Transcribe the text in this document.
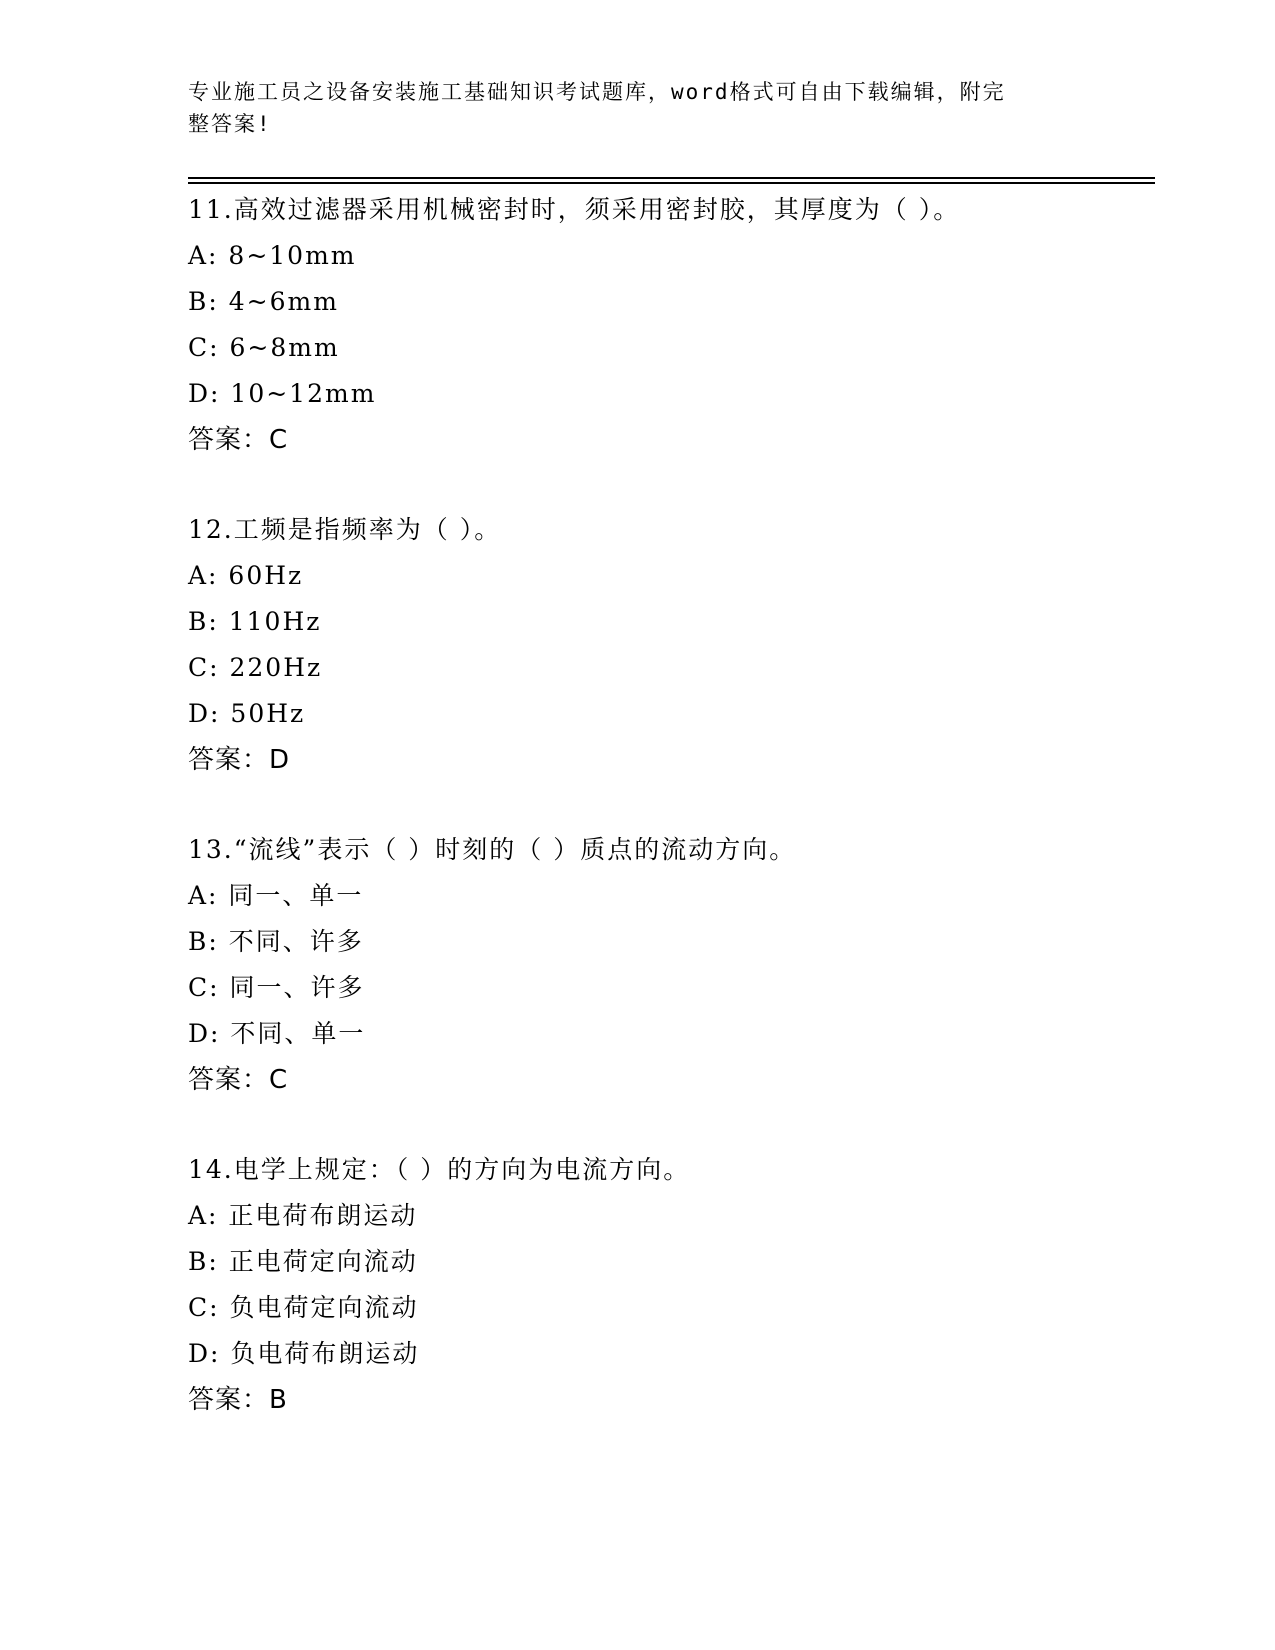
专业施工员之设备安装施工基础知识考试题库，word格式可自由下载编辑，附完
整答案!
11.高效过滤器采用机械密封时，须采用密封胶，其厚度为（ ）。
A: 8~10mm
B: 4~6mm
C: 6~8mm
D: 10~12mm
答案：C
12.工频是指频率为（ ）。
A: 60Hz
B: 110Hz
C: 220Hz
D: 50Hz
答案：D
13.“流线”表示（ ）时刻的（ ）质点的流动方向。
A: 同一、单一
B: 不同、许多
C: 同一、许多
D: 不同、单一
答案：C
14.电学上规定：（ ）的方向为电流方向。
A: 正电荷布朗运动
B: 正电荷定向流动
C: 负电荷定向流动
D: 负电荷布朗运动
答案：B
